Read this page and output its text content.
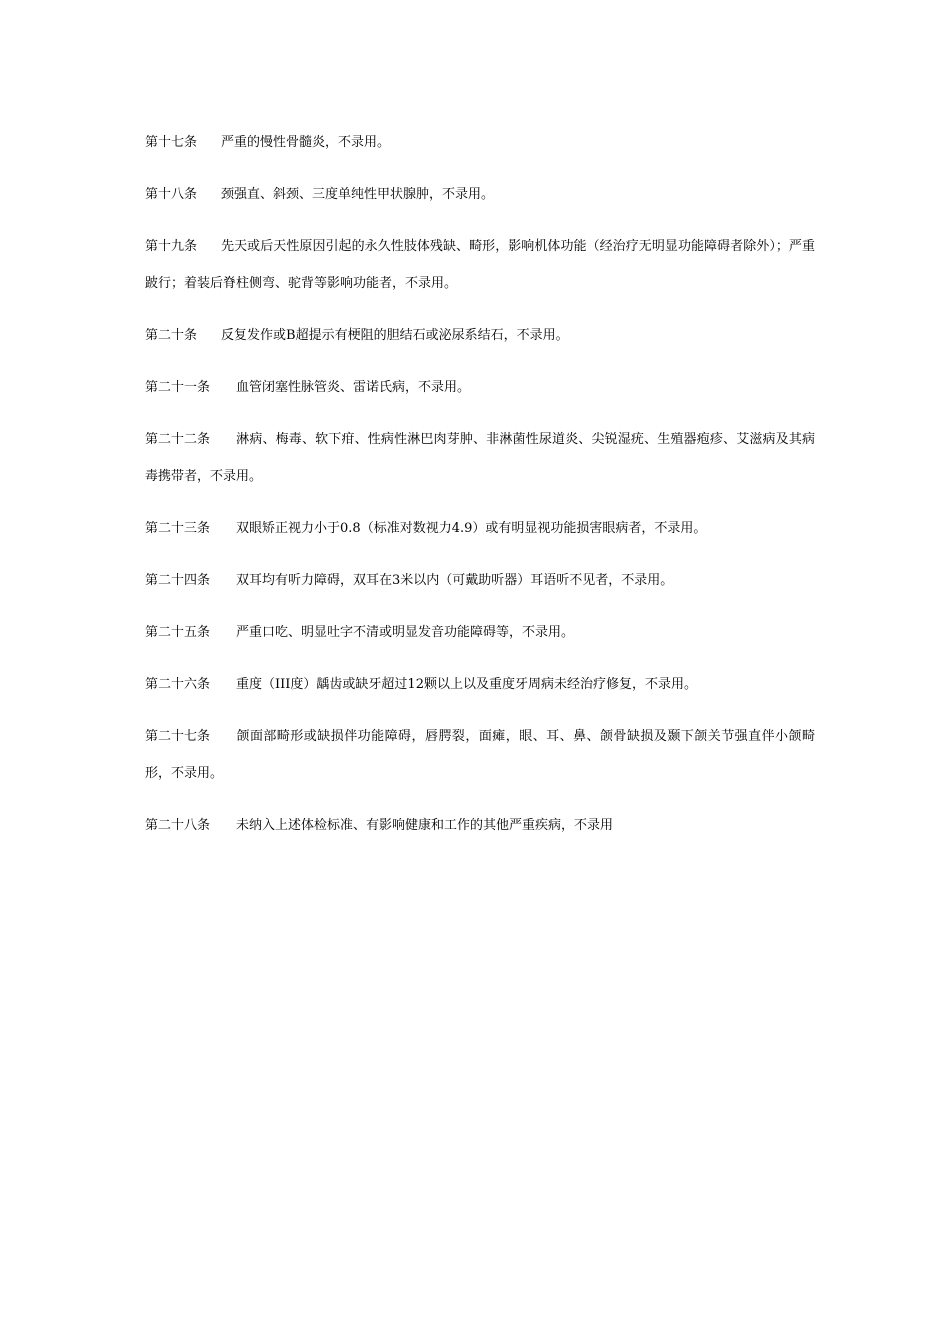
第十七条 严重的慢性骨髓炎，不录用。

第十八条 颈强直、斜颈、三度单纯性甲状腺肿，不录用。

第十九条 先天或后天性原因引起的永久性肢体残缺、畸形，影响机体功能（经治疗无明显功能障碍者除外）；严重跛行；着装后脊柱侧弯、驼背等影响功能者，不录用。

第二十条 反复发作或B超提示有梗阻的胆结石或泌尿系结石，不录用。

第二十一条 血管闭塞性脉管炎、雷诺氏病，不录用。

第二十二条 淋病、梅毒、软下疳、性病性淋巴肉芽肿、非淋菌性尿道炎、尖锐湿疣、生殖器疱疹、艾滋病及其病毒携带者，不录用。

第二十三条 双眼矫正视力小于0.8（标准对数视力4.9）或有明显视功能损害眼病者，不录用。

第二十四条 双耳均有听力障碍，双耳在3米以内（可戴助听器）耳语听不见者，不录用。

第二十五条 严重口吃、明显吐字不清或明显发音功能障碍等，不录用。

第二十六条 重度（III度）龋齿或缺牙超过12颗以上以及重度牙周病未经治疗修复，不录用。

第二十七条 颌面部畸形或缺损伴功能障碍，唇腭裂，面瘫，眼、耳、鼻、颌骨缺损及颞下颌关节强直伴小颌畸形，不录用。

第二十八条 未纳入上述体检标准、有影响健康和工作的其他严重疾病，不录用
